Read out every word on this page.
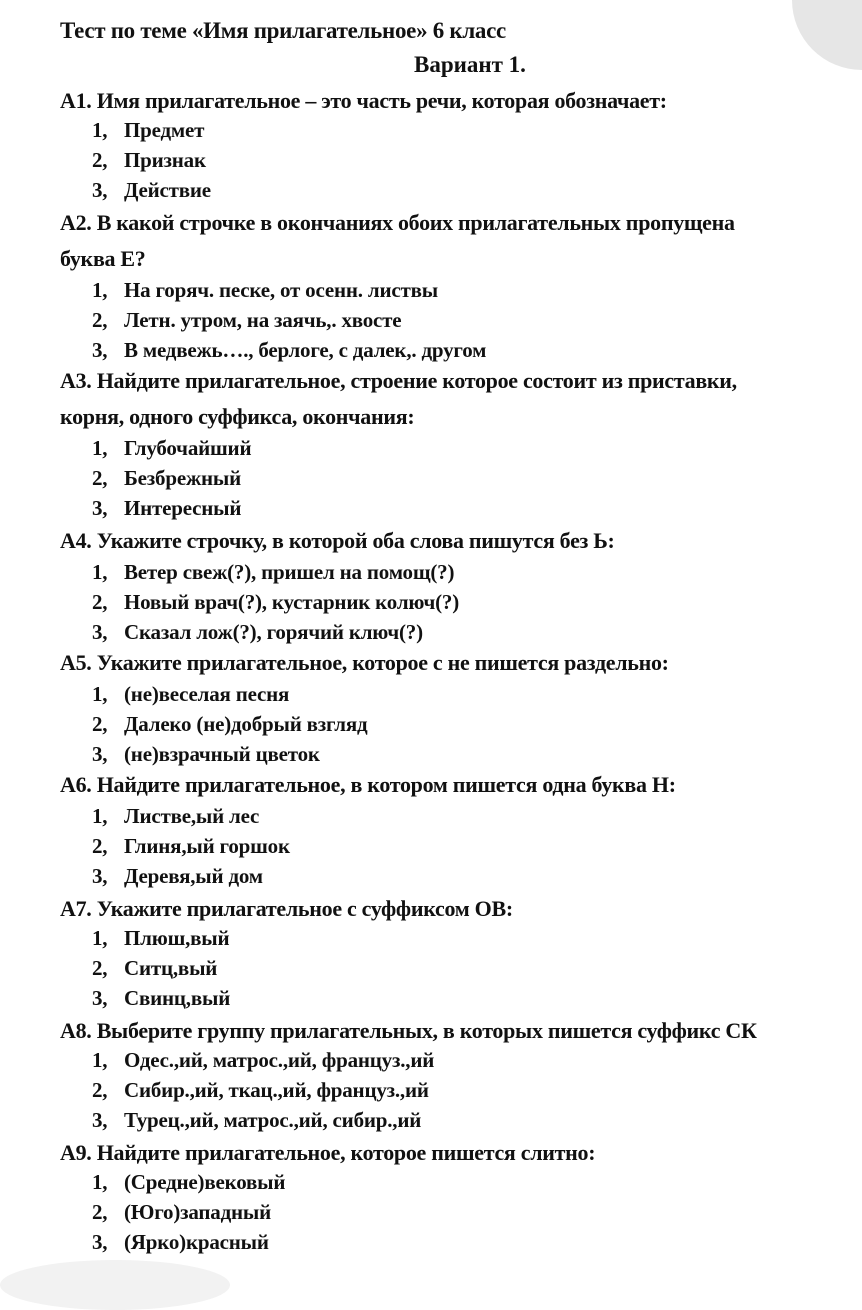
Тест по теме «Имя прилагательное» 6 класс
Вариант 1.
А1. Имя прилагательное – это часть речи, которая обозначает:
1, Предмет
2, Признак
3, Действие
А2. В какой строчке в окончаниях обоих прилагательных пропущена
буква Е?
1, На горяч. песке, от осенн. листвы
2, Летн. утром, на заячь,. хвосте
3, В медвежь…., берлоге, с далек,. другом
А3. Найдите прилагательное, строение которое состоит из приставки,
корня, одного суффикса, окончания:
1, Глубочайший
2, Безбрежный
3, Интересный
А4. Укажите строчку, в которой оба слова пишутся без Ь:
1, Ветер свеж(?), пришел на помощ(?)
2, Новый врач(?), кустарник колюч(?)
3, Сказал лож(?), горячий ключ(?)
А5. Укажите прилагательное, которое с не пишется раздельно:
1, (не)веселая песня
2, Далеко (не)добрый взгляд
3, (не)взрачный цветок
А6. Найдите прилагательное, в котором пишется одна буква Н:
1, Листве,ый лес
2, Глиня,ый горшок
3, Деревя,ый дом
А7. Укажите прилагательное с суффиксом ОВ:
1, Плюш,вый
2, Ситц,вый
3, Свинц,вый
А8. Выберите группу прилагательных, в которых пишется суффикс СК
1, Одес.,ий, матрос.,ий, француз.,ий
2, Сибир.,ий, ткац.,ий, француз.,ий
3, Турец.,ий, матрос.,ий, сибир.,ий
А9. Найдите прилагательное, которое пишется слитно:
1, (Средне)вековый
2, (Юго)западный
3, (Ярко)красный
